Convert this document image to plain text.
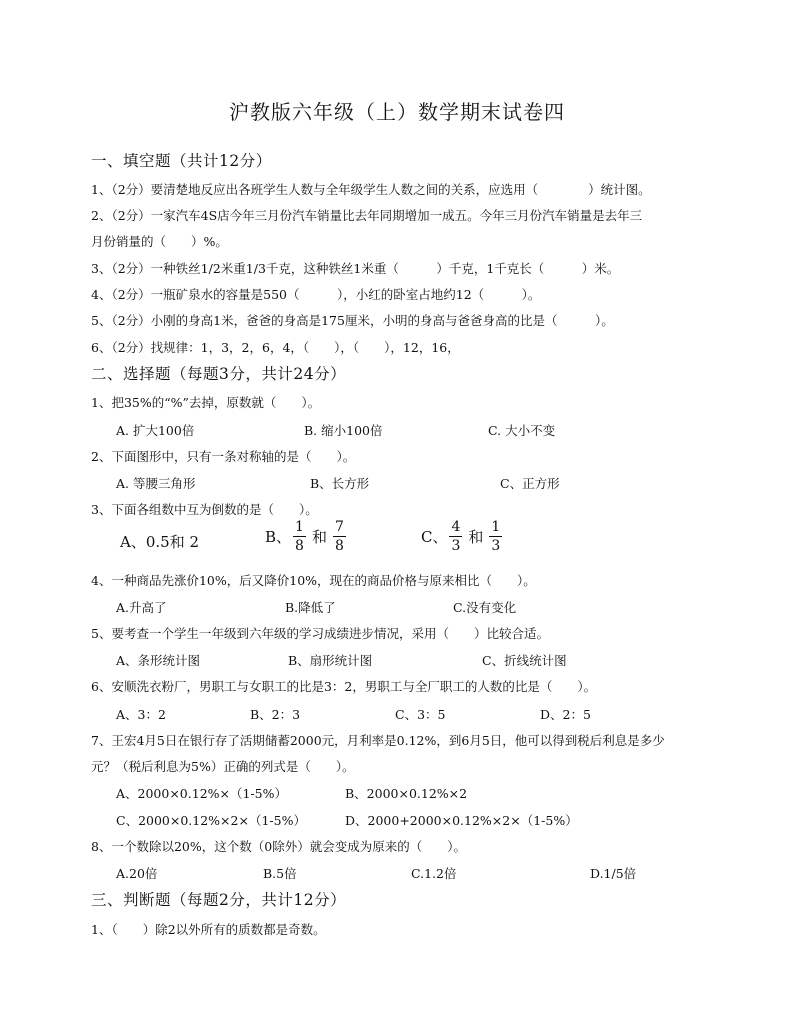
沪教版六年级（上）数学期末试卷四
一、填空题（共计12分）
1、（2分）要清楚地反应出各班学生人数与全年级学生人数之间的关系，应选用（　　　　）统计图。
2、（2分）一家汽车4S店今年三月份汽车销量比去年同期增加一成五。今年三月份汽车销量是去年三
月份销量的（　　）%。
3、（2分）一种铁丝1/2米重1/3千克，这种铁丝1米重（　　　）千克，1千克长（　　　）米。
4、（2分）一瓶矿泉水的容量是550（　　　），小红的卧室占地约12（　　　）。
5、（2分）小刚的身高1米，爸爸的身高是175厘米，小明的身高与爸爸身高的比是（　　　）。
6、（2分）找规律：1，3，2，6，4，（　　），（　　），12，16，
二、选择题（每题3分，共计24分）
1、把35%的“%”去掉，原数就（　　）。
A. 扩大100倍	B. 缩小100倍	C. 大小不变
2、下面图形中，只有一条对称轴的是（　　）。
A. 等腰三角形	B、长方形	C、正方形
3、下面各组数中互为倒数的是（　　）。
A、0.5和 2	B、 $\frac{1}{8}$ 和 $\frac{7}{8}$	C、 $\frac{4}{3}$ 和 $\frac{1}{3}$
4、一种商品先涨价10%，后又降价10%，现在的商品价格与原来相比（　　）。
A.升高了	B.降低了	C.没有变化
5、要考查一个学生一年级到六年级的学习成绩进步情况，采用（　　）比较合适。
A、条形统计图	B、扇形统计图	C、折线统计图
6、安顺洗衣粉厂，男职工与女职工的比是3：2，男职工与全厂职工的人数的比是（　　）。
A、3：2	B、2：3	C、3：5	D、2：5
7、王宏4月5日在银行存了活期储蓄2000元，月利率是0.12%，到6月5日，他可以得到税后利息是多少
元？（税后利息为5%）正确的列式是（　　）。
A、2000×0.12%×（1-5%）	B、2000×0.12%×2
C、2000×0.12%×2×（1-5%）	D、2000+2000×0.12%×2×（1-5%）
8、一个数除以20%，这个数（0除外）就会变成为原来的（　　）。
A.20倍	B.5倍	C.1.2倍	D.1/5倍
三、判断题（每题2分，共计12分）
1、（　　）除2以外所有的质数都是奇数。
